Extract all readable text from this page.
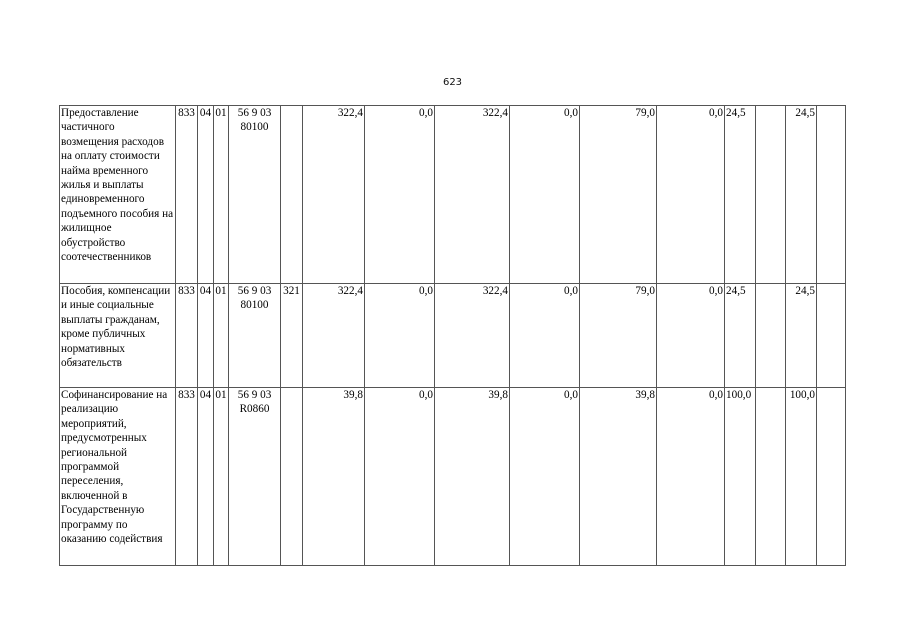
623
Предоставление частичного возмещения расходов на оплату стоимости найма временного жилья и выплаты единовременного подъемного пособия на жилищное обустройство соотечественников	833	04	01	56 9 03 80100		322,4	0,0	322,4	0,0	79,0	0,0	24,5		24,5	
Пособия, компенсации и иные социальные выплаты гражданам, кроме публичных нормативных обязательств	833	04	01	56 9 03 80100	321	322,4	0,0	322,4	0,0	79,0	0,0	24,5		24,5	
Софинансирование на реализацию мероприятий, предусмотренных региональной программой переселения, включенной в Государственную программу по оказанию содействия	833	04	01	56 9 03 R0860		39,8	0,0	39,8	0,0	39,8	0,0	100,0		100,0	
